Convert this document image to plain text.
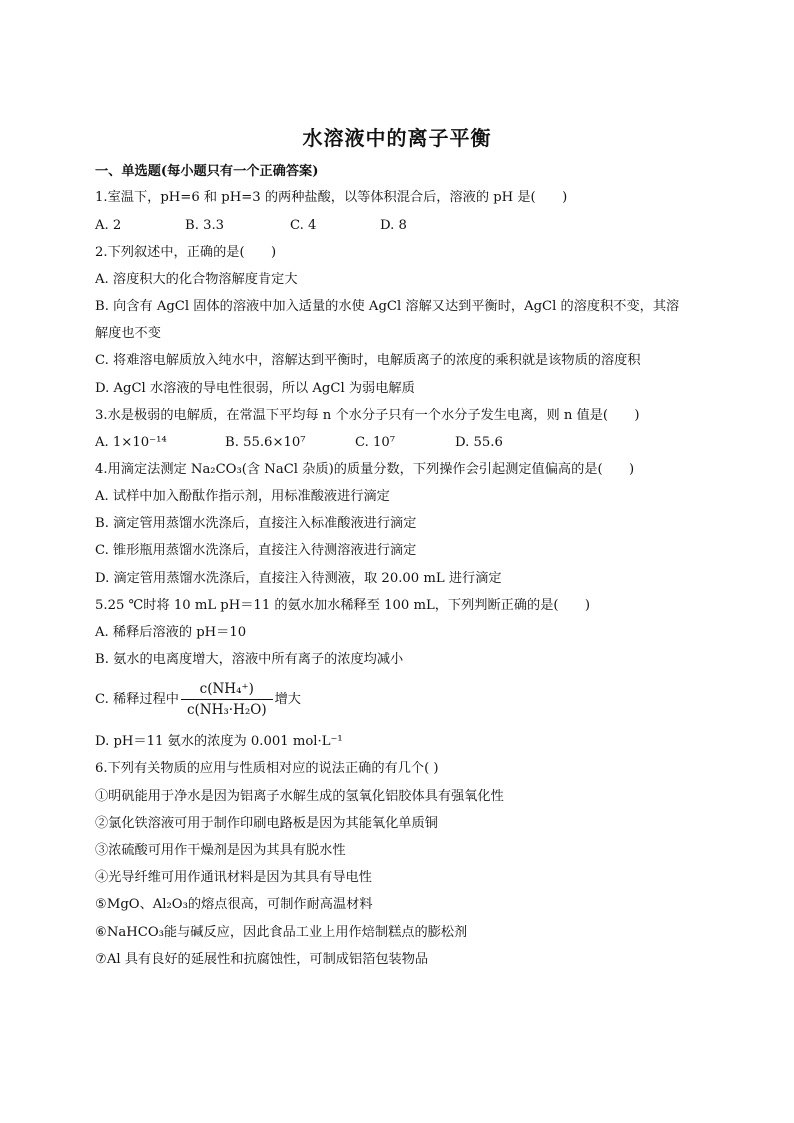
水溶液中的离子平衡
一、单选题(每小题只有一个正确答案)
1.室温下，pH=6 和 pH=3 的两种盐酸，以等体积混合后，溶液的 pH 是(　　)
A. 2	B. 3.3	C. 4	D. 8
2.下列叙述中，正确的是(　　)
A. 溶度积大的化合物溶解度肯定大
B. 向含有 AgCl 固体的溶液中加入适量的水使 AgCl 溶解又达到平衡时，AgCl 的溶度积不变，其溶
解度也不变
C. 将难溶电解质放入纯水中，溶解达到平衡时，电解质离子的浓度的乘积就是该物质的溶度积
D. AgCl 水溶液的导电性很弱，所以 AgCl 为弱电解质
3.水是极弱的电解质，在常温下平均每 n 个水分子只有一个水分子发生电离，则 n 值是(　　)
A. 1×10⁻¹⁴	B. 55.6×10⁷	C. 10⁷	D. 55.6
4.用滴定法测定 Na₂CO₃(含 NaCl 杂质)的质量分数，下列操作会引起测定值偏高的是(　　)
A. 试样中加入酚酞作指示剂，用标准酸液进行滴定
B. 滴定管用蒸馏水洗涤后，直接注入标准酸液进行滴定
C. 锥形瓶用蒸馏水洗涤后，直接注入待测溶液进行滴定
D. 滴定管用蒸馏水洗涤后，直接注入待测液，取 20.00 mL 进行滴定
5.25 ℃时将 10 mL pH＝11 的氨水加水稀释至 100 mL，下列判断正确的是(　　)
A. 稀释后溶液的 pH＝10
B. 氨水的电离度增大，溶液中所有离子的浓度均减小
C. 稀释过程中 $\frac{\text{c(NH₄⁺)}}{\text{c(NH₃·H₂O)}}$ 增大
D. pH＝11 氨水的浓度为 0.001 mol·L⁻¹
6.下列有关物质的应用与性质相对应的说法正确的有几个( )
①明矾能用于净水是因为铝离子水解生成的氢氧化铝胶体具有强氧化性
②氯化铁溶液可用于制作印刷电路板是因为其能氧化单质铜
③浓硫酸可用作干燥剂是因为其具有脱水性
④光导纤维可用作通讯材料是因为其具有导电性
⑤MgO、Al₂O₃的熔点很高，可制作耐高温材料
⑥NaHCO₃能与碱反应，因此食品工业上用作焙制糕点的膨松剂
⑦Al 具有良好的延展性和抗腐蚀性，可制成铝箔包装物品
